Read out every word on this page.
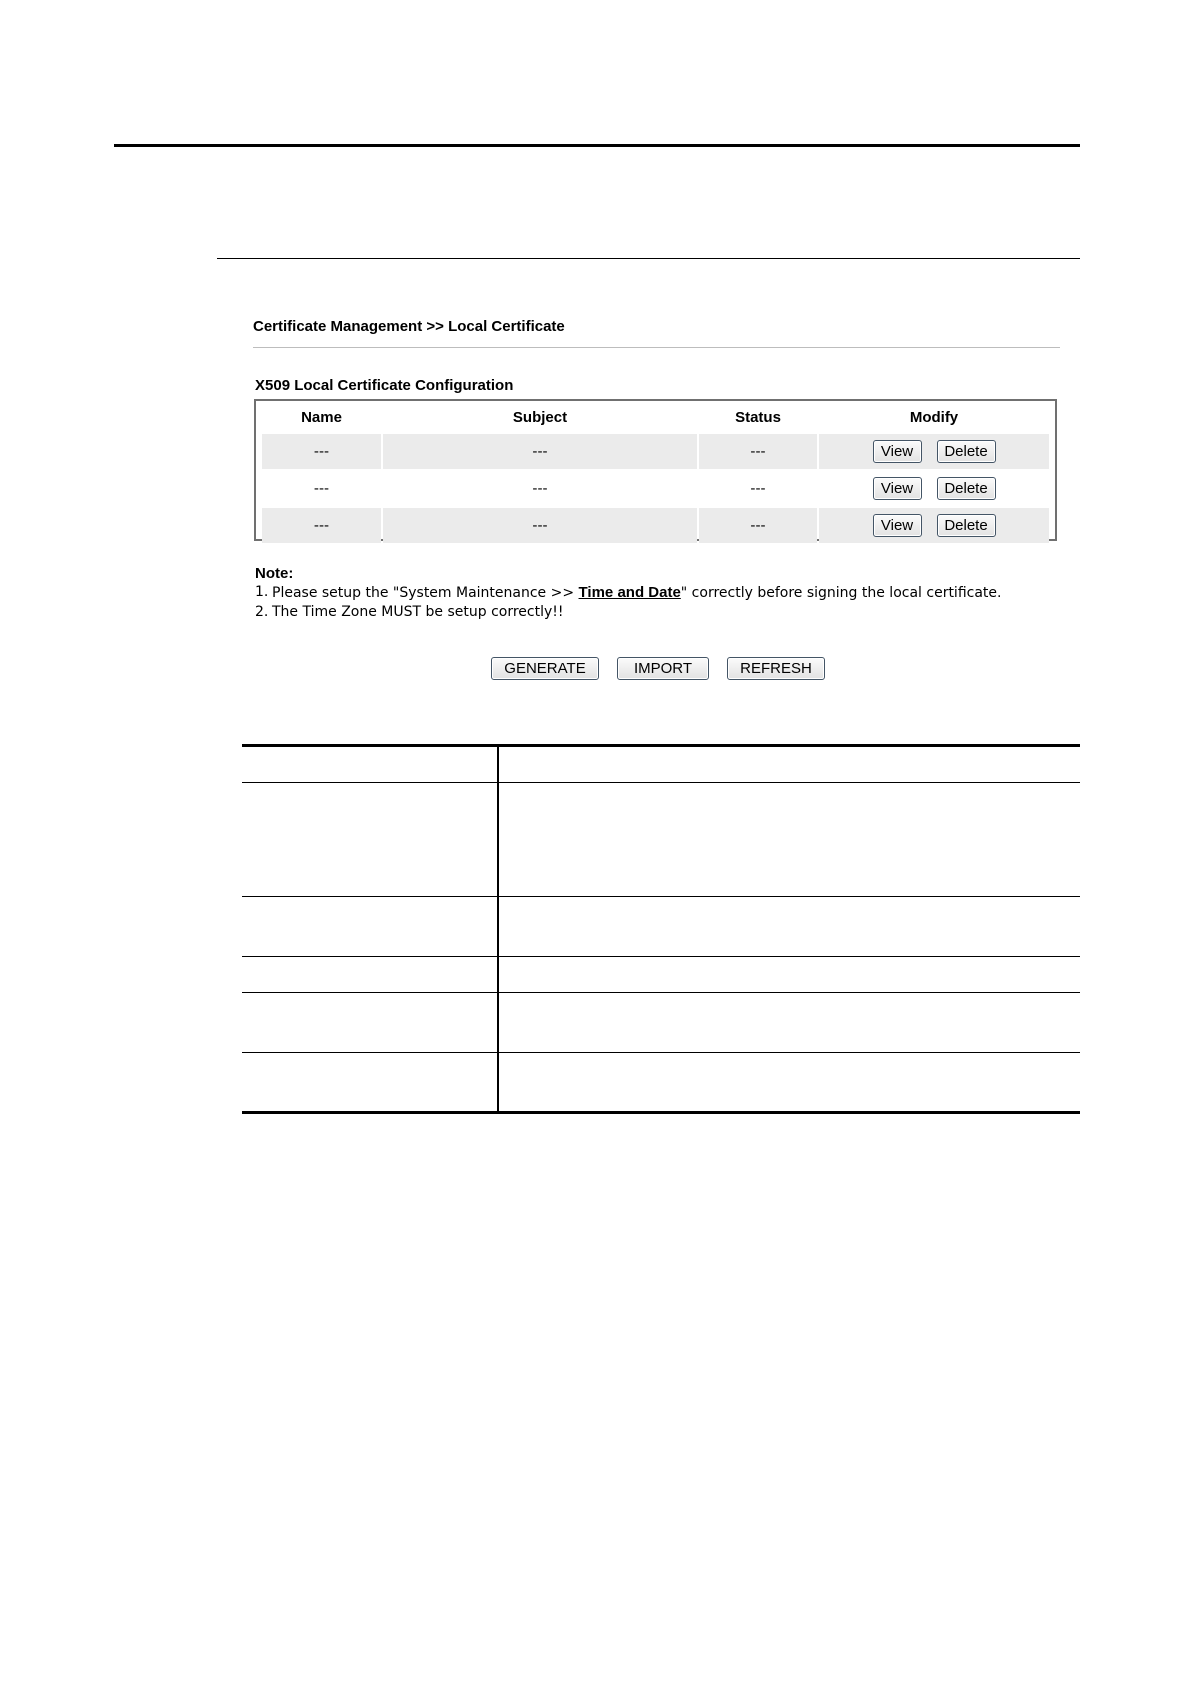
Certificate Management >> Local Certificate
X509 Local Certificate Configuration
Name	Subject	Status	Modify
---	---	---	View Delete
---	---	---	View Delete
---	---	---	View Delete
Note:
1. Please setup the "System Maintenance >> Time and Date" correctly before signing the local certificate.
2. The Time Zone MUST be setup correctly!!
GENERATE	IMPORT	REFRESH
